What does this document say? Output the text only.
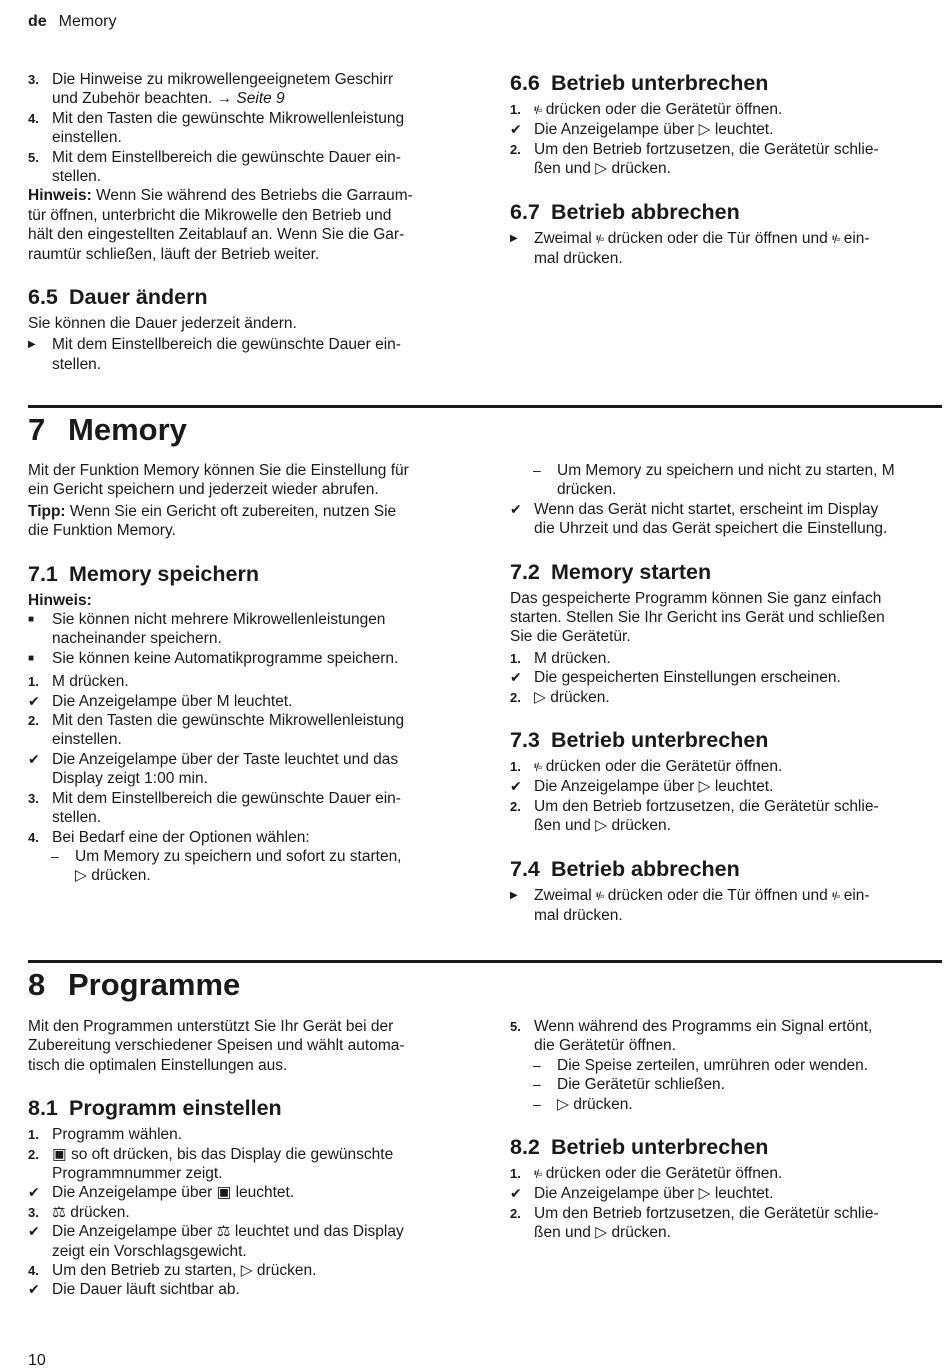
de Memory
3. Die Hinweise zu mikrowellengeeignetem Geschirr
und Zubehör beachten. → Seite 9
4. Mit den Tasten die gewünschte Mikrowellenleistung
einstellen.
5. Mit dem Einstellbereich die gewünschte Dauer ein-
stellen.
Hinweis: Wenn Sie während des Betriebs die Garraum-
tür öffnen, unterbricht die Mikrowelle den Betrieb und
hält den eingestellten Zeitablauf an. Wenn Sie die Gar-
raumtür schließen, läuft der Betrieb weiter.
6.5 Dauer ändern
Sie können die Dauer jederzeit ändern.
▶ Mit dem Einstellbereich die gewünschte Dauer ein-
stellen.
6.6 Betrieb unterbrechen
1. ᶦᶦ/▫ drücken oder die Gerätetür öffnen.
✔ Die Anzeigelampe über ▷ leuchtet.
2. Um den Betrieb fortzusetzen, die Gerätetür schlie-
ßen und ▷ drücken.
6.7 Betrieb abbrechen
▶ Zweimal ᶦᶦ/▫ drücken oder die Tür öffnen und ᶦᶦ/▫ ein-
mal drücken.
7 Memory
Mit der Funktion Memory können Sie die Einstellung für
ein Gericht speichern und jederzeit wieder abrufen.
Tipp: Wenn Sie ein Gericht oft zubereiten, nutzen Sie
die Funktion Memory.
7.1 Memory speichern
Hinweis:
■ Sie können nicht mehrere Mikrowellenleistungen
nacheinander speichern.
■ Sie können keine Automatikprogramme speichern.
1. M drücken.
✔ Die Anzeigelampe über M leuchtet.
2. Mit den Tasten die gewünschte Mikrowellenleistung
einstellen.
✔ Die Anzeigelampe über der Taste leuchtet und das
Display zeigt 1:00 min.
3. Mit dem Einstellbereich die gewünschte Dauer ein-
stellen.
4. Bei Bedarf eine der Optionen wählen:
– Um Memory zu speichern und sofort zu starten,
▷ drücken.
– Um Memory zu speichern und nicht zu starten, M
drücken.
✔ Wenn das Gerät nicht startet, erscheint im Display
die Uhrzeit und das Gerät speichert die Einstellung.
7.2 Memory starten
Das gespeicherte Programm können Sie ganz einfach
starten. Stellen Sie Ihr Gericht ins Gerät und schließen
Sie die Gerätetür.
1. M drücken.
✔ Die gespeicherten Einstellungen erscheinen.
2. ▷ drücken.
7.3 Betrieb unterbrechen
1. ᶦᶦ/▫ drücken oder die Gerätetür öffnen.
✔ Die Anzeigelampe über ▷ leuchtet.
2. Um den Betrieb fortzusetzen, die Gerätetür schlie-
ßen und ▷ drücken.
7.4 Betrieb abbrechen
▶ Zweimal ᶦᶦ/▫ drücken oder die Tür öffnen und ᶦᶦ/▫ ein-
mal drücken.
8 Programme
Mit den Programmen unterstützt Sie Ihr Gerät bei der
Zubereitung verschiedener Speisen und wählt automa-
tisch die optimalen Einstellungen aus.
8.1 Programm einstellen
1. Programm wählen.
2. ▣ so oft drücken, bis das Display die gewünschte
Programmnummer zeigt.
✔ Die Anzeigelampe über ▣ leuchtet.
3. ⚖ drücken.
✔ Die Anzeigelampe über ⚖ leuchtet und das Display
zeigt ein Vorschlagsgewicht.
4. Um den Betrieb zu starten, ▷ drücken.
✔ Die Dauer läuft sichtbar ab.
5. Wenn während des Programms ein Signal ertönt,
die Gerätetür öffnen.
– Die Speise zerteilen, umrühren oder wenden.
– Die Gerätetür schließen.
– ▷ drücken.
8.2 Betrieb unterbrechen
1. ᶦᶦ/▫ drücken oder die Gerätetür öffnen.
✔ Die Anzeigelampe über ▷ leuchtet.
2. Um den Betrieb fortzusetzen, die Gerätetür schlie-
ßen und ▷ drücken.
10
